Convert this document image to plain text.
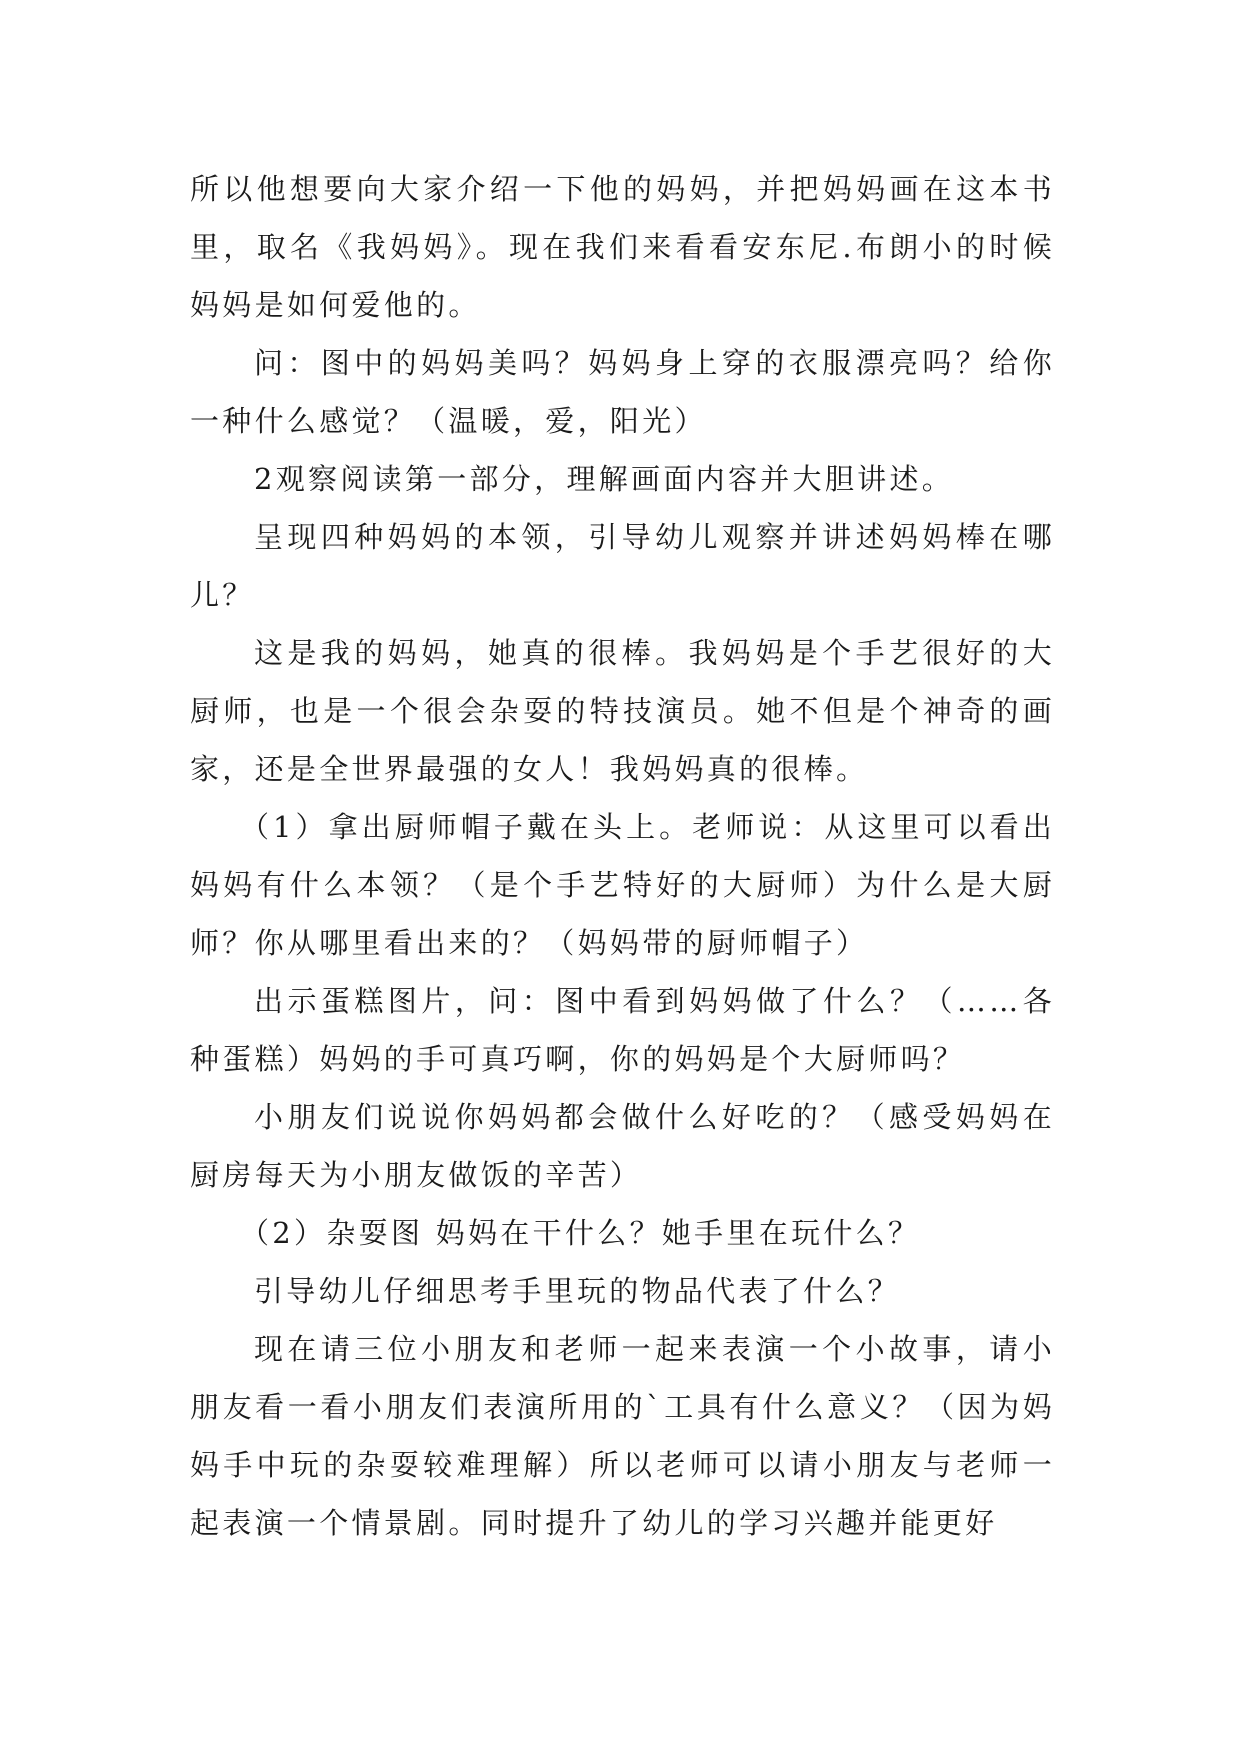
所以他想要向大家介绍一下他的妈妈，并把妈妈画在这本书里，取名《我妈妈》。现在我们来看看安东尼.布朗小的时候妈妈是如何爱他的。

问：图中的妈妈美吗？妈妈身上穿的衣服漂亮吗？给你一种什么感觉？（温暖，爱，阳光）

2观察阅读第一部分，理解画面内容并大胆讲述。

呈现四种妈妈的本领，引导幼儿观察并讲述妈妈棒在哪儿？

这是我的妈妈，她真的很棒。我妈妈是个手艺很好的大厨师，也是一个很会杂耍的特技演员。她不但是个神奇的画家，还是全世界最强的女人！我妈妈真的很棒。

（1）拿出厨师帽子戴在头上。老师说：从这里可以看出妈妈有什么本领？（是个手艺特好的大厨师）为什么是大厨师？你从哪里看出来的？（妈妈带的厨师帽子）

出示蛋糕图片，问：图中看到妈妈做了什么？（……各种蛋糕）妈妈的手可真巧啊，你的妈妈是个大厨师吗？

小朋友们说说你妈妈都会做什么好吃的？（感受妈妈在厨房每天为小朋友做饭的辛苦）

（2）杂耍图 妈妈在干什么？她手里在玩什么？

引导幼儿仔细思考手里玩的物品代表了什么？

现在请三位小朋友和老师一起来表演一个小故事，请小朋友看一看小朋友们表演所用的`工具有什么意义？（因为妈妈手中玩的杂耍较难理解）所以老师可以请小朋友与老师一起表演一个情景剧。同时提升了幼儿的学习兴趣并能更好
